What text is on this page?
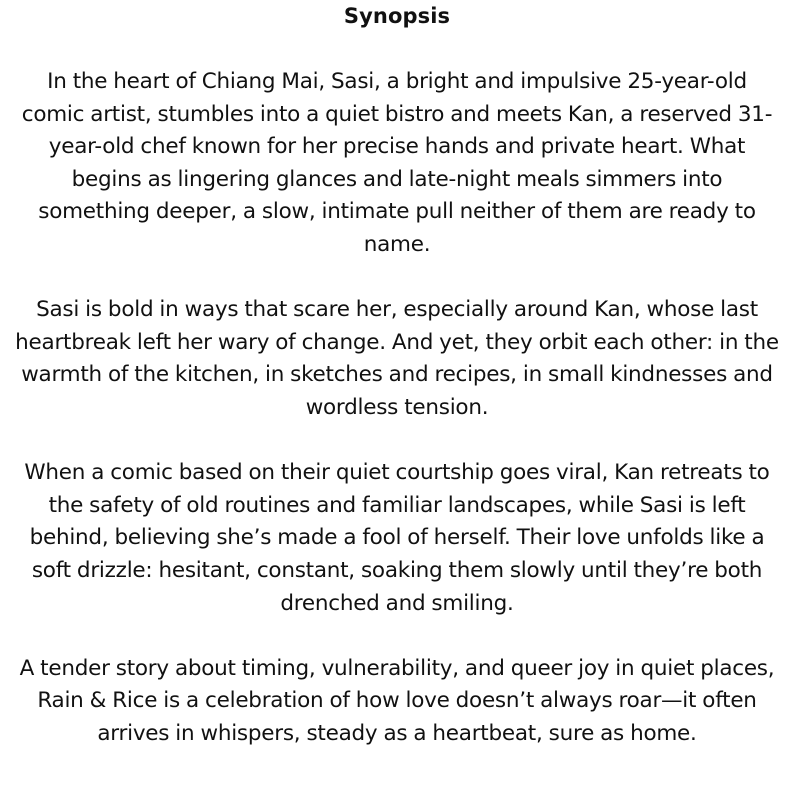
Synopsis

In the heart of Chiang Mai, Sasi, a bright and impulsive 25-year-old comic artist, stumbles into a quiet bistro and meets Kan, a reserved 31-year-old chef known for her precise hands and private heart. What begins as lingering glances and late-night meals simmers into something deeper, a slow, intimate pull neither of them are ready to name.

Sasi is bold in ways that scare her, especially around Kan, whose last heartbreak left her wary of change. And yet, they orbit each other: in the warmth of the kitchen, in sketches and recipes, in small kindnesses and wordless tension.

When a comic based on their quiet courtship goes viral, Kan retreats to the safety of old routines and familiar landscapes, while Sasi is left behind, believing she’s made a fool of herself. Their love unfolds like a soft drizzle: hesitant, constant, soaking them slowly until they’re both drenched and smiling.

A tender story about timing, vulnerability, and queer joy in quiet places, Rain & Rice is a celebration of how love doesn’t always roar—it often arrives in whispers, steady as a heartbeat, sure as home.
